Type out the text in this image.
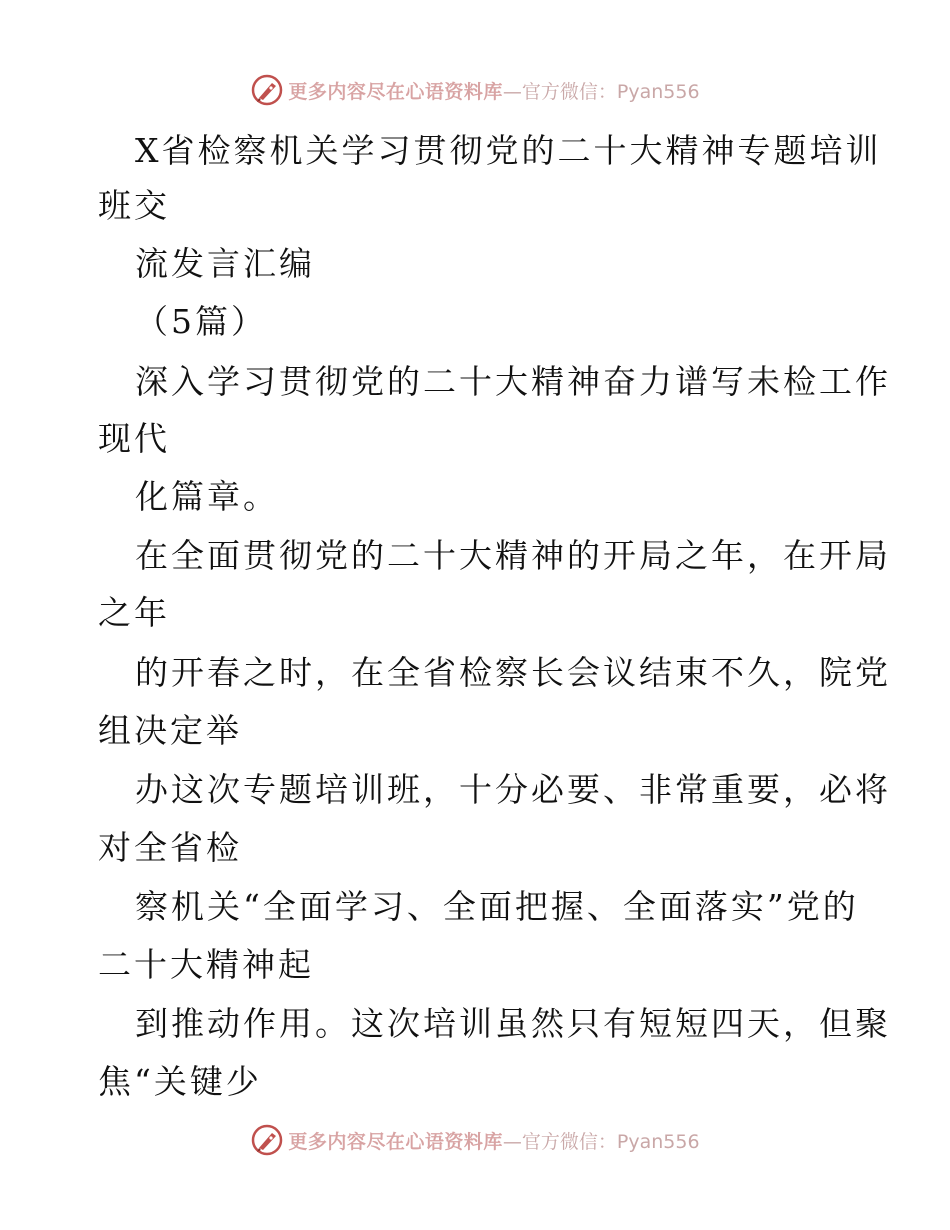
更多内容尽在心语资料库 —官方微信：Pyan556
X省检察机关学习贯彻党的二十大精神专题培训
班交
流发言汇编
（5篇）
深入学习贯彻党的二十大精神奋力谱写未检工作
现代
化篇章。
在全面贯彻党的二十大精神的开局之年，在开局
之年
的开春之时，在全省检察长会议结束不久，院党
组决定举
办这次专题培训班，十分必要、非常重要，必将
对全省检
察机关“全面学习、全面把握、全面落实”党的
二十大精神起
到推动作用。这次培训虽然只有短短四天，但聚
焦“关键少
更多内容尽在心语资料库 —官方微信：Pyan556
